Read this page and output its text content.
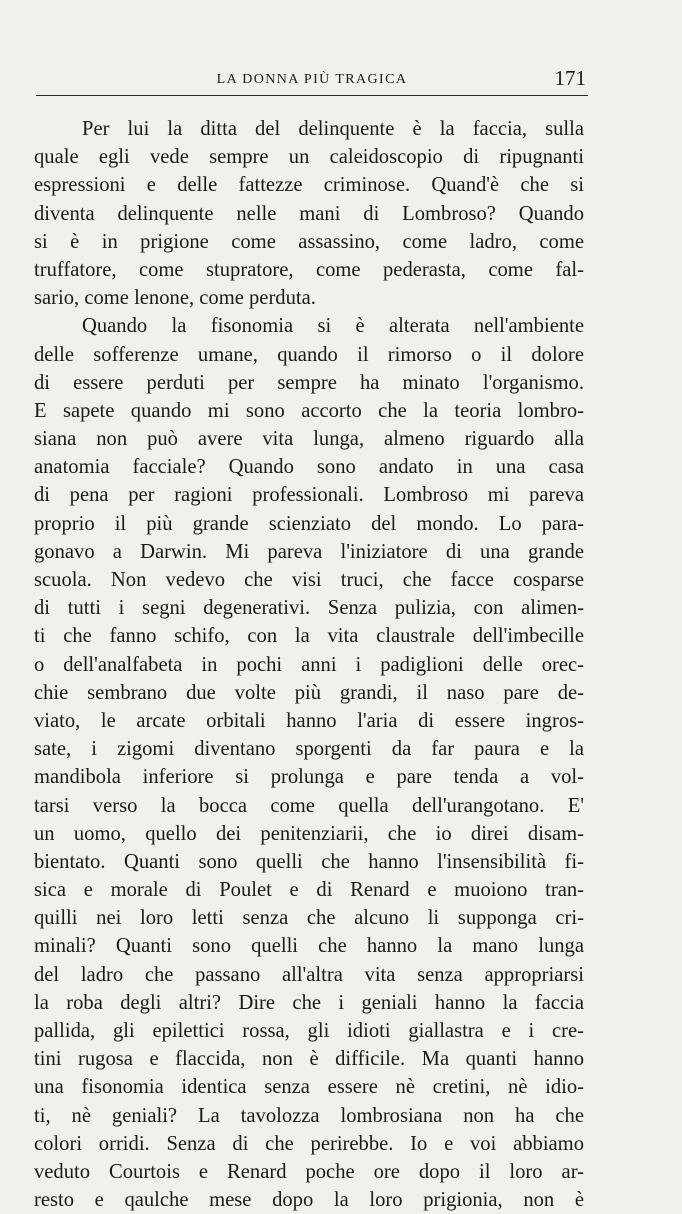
LA DONNA PIÙ TRAGICA	171
Per lui la ditta del delinquente è la faccia, sulla
quale egli vede sempre un caleidoscopio di ripugnanti
espressioni e delle fattezze criminose. Quand'è che si
diventa delinquente nelle mani di Lombroso? Quando
si è in prigione come assassino, come ladro, come
truffatore, come stupratore, come pederasta, come fal-
sario, come lenone, come perduta.
Quando la fisonomia si è alterata nell'ambiente
delle sofferenze umane, quando il rimorso o il dolore
di essere perduti per sempre ha minato l'organismo.
E sapete quando mi sono accorto che la teoria lombro-
siana non può avere vita lunga, almeno riguardo alla
anatomia facciale? Quando sono andato in una casa
di pena per ragioni professionali. Lombroso mi pareva
proprio il più grande scienziato del mondo. Lo para-
gonavo a Darwin. Mi pareva l'iniziatore di una grande
scuola. Non vedevo che visi truci, che facce cosparse
di tutti i segni degenerativi. Senza pulizia, con alimen-
ti che fanno schifo, con la vita claustrale dell'imbecille
o dell'analfabeta in pochi anni i padiglioni delle orec-
chie sembrano due volte più grandi, il naso pare de-
viato, le arcate orbitali hanno l'aria di essere ingros-
sate, i zigomi diventano sporgenti da far paura e la
mandibola inferiore si prolunga e pare tenda a vol-
tarsi verso la bocca come quella dell'urangotano. E'
un uomo, quello dei penitenziarii, che io direi disam-
bientato. Quanti sono quelli che hanno l'insensibilità fi-
sica e morale di Poulet e di Renard e muoiono tran-
quilli nei loro letti senza che alcuno li supponga cri-
minali? Quanti sono quelli che hanno la mano lunga
del ladro che passano all'altra vita senza appropriarsi
la roba degli altri? Dire che i geniali hanno la faccia
pallida, gli epilettici rossa, gli idioti giallastra e i cre-
tini rugosa e flaccida, non è difficile. Ma quanti hanno
una fisonomia identica senza essere nè cretini, nè idio-
ti, nè geniali? La tavolozza lombrosiana non ha che
colori orridi. Senza di che perirebbe. Io e voi abbiamo
veduto Courtois e Renard poche ore dopo il loro ar-
resto e qaulche mese dopo la loro prigionia, non è
